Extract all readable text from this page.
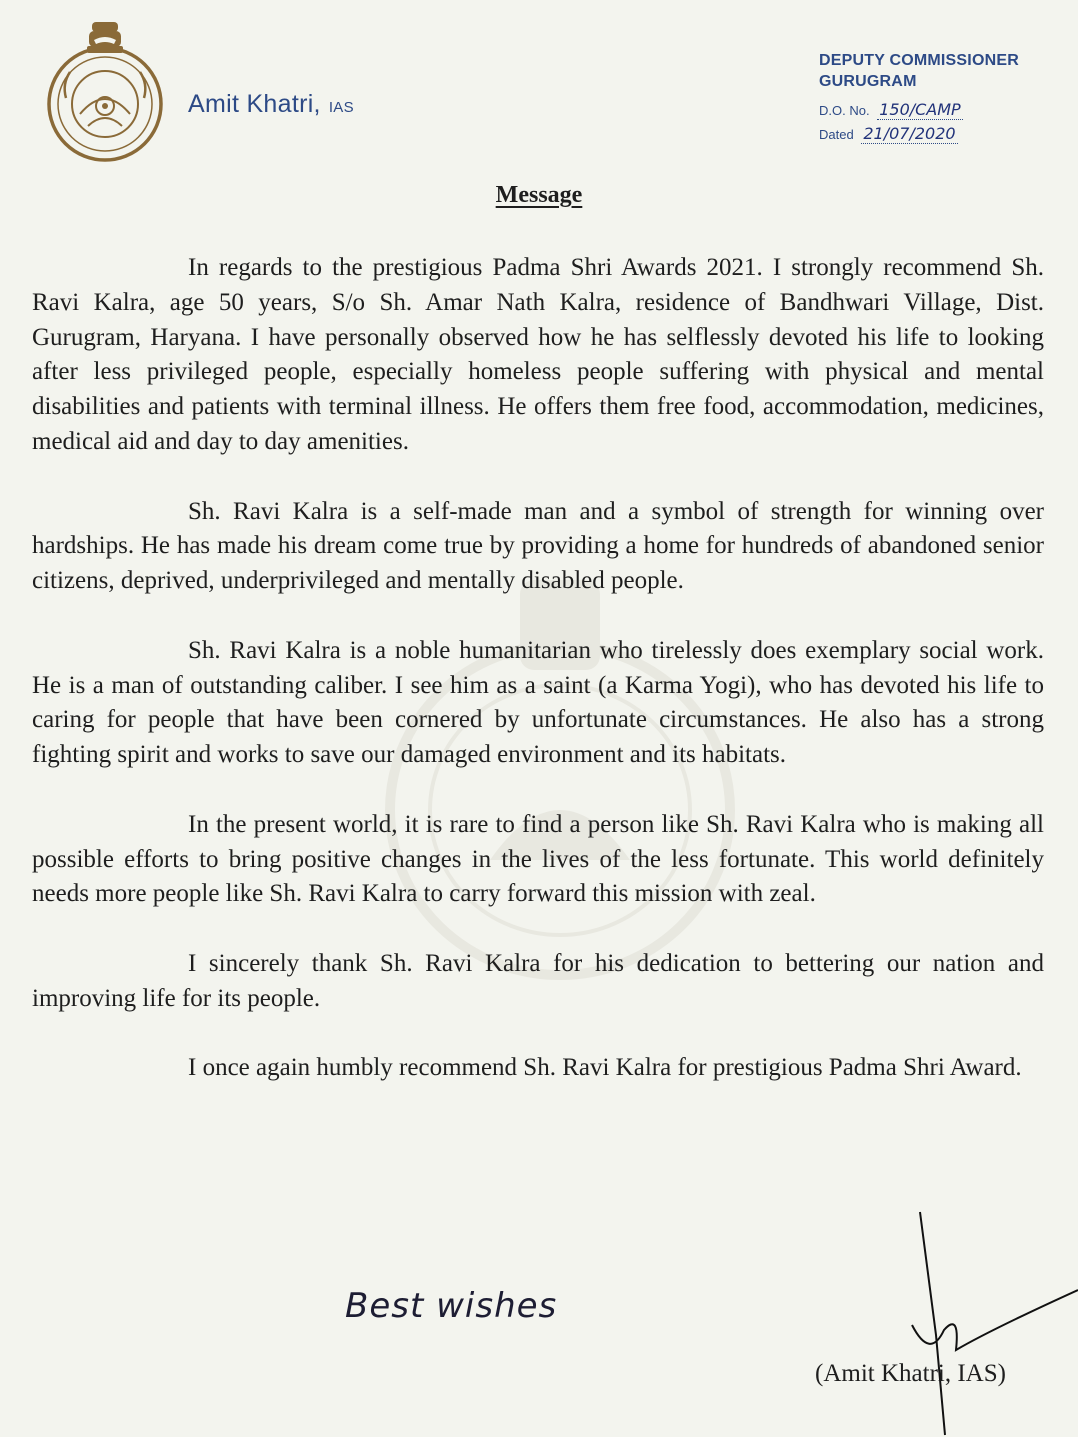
Amit Khatri, IAS
DEPUTY COMMISSIONER
GURUGRAM
D.O. No. 150/CAMP
Dated 21/07/2020
Message

In regards to the prestigious Padma Shri Awards 2021. I strongly recommend Sh. Ravi Kalra, age 50 years, S/o Sh. Amar Nath Kalra, residence of Bandhwari Village, Dist. Gurugram, Haryana. I have personally observed how he has selflessly devoted his life to looking after less privileged people, especially homeless people suffering with physical and mental disabilities and patients with terminal illness. He offers them free food, accommodation, medicines, medical aid and day to day amenities.

Sh. Ravi Kalra is a self-made man and a symbol of strength for winning over hardships. He has made his dream come true by providing a home for hundreds of abandoned senior citizens, deprived, underprivileged and mentally disabled people.

Sh. Ravi Kalra is a noble humanitarian who tirelessly does exemplary social work. He is a man of outstanding caliber. I see him as a saint (a Karma Yogi), who has devoted his life to caring for people that have been cornered by unfortunate circumstances. He also has a strong fighting spirit and works to save our damaged environment and its habitats.

In the present world, it is rare to find a person like Sh. Ravi Kalra who is making all possible efforts to bring positive changes in the lives of the less fortunate. This world definitely needs more people like Sh. Ravi Kalra to carry forward this mission with zeal.

I sincerely thank Sh. Ravi Kalra for his dedication to bettering our nation and improving life for its people.

I once again humbly recommend Sh. Ravi Kalra for prestigious Padma Shri Award.

Best wishes
(Amit Khatri, IAS)
